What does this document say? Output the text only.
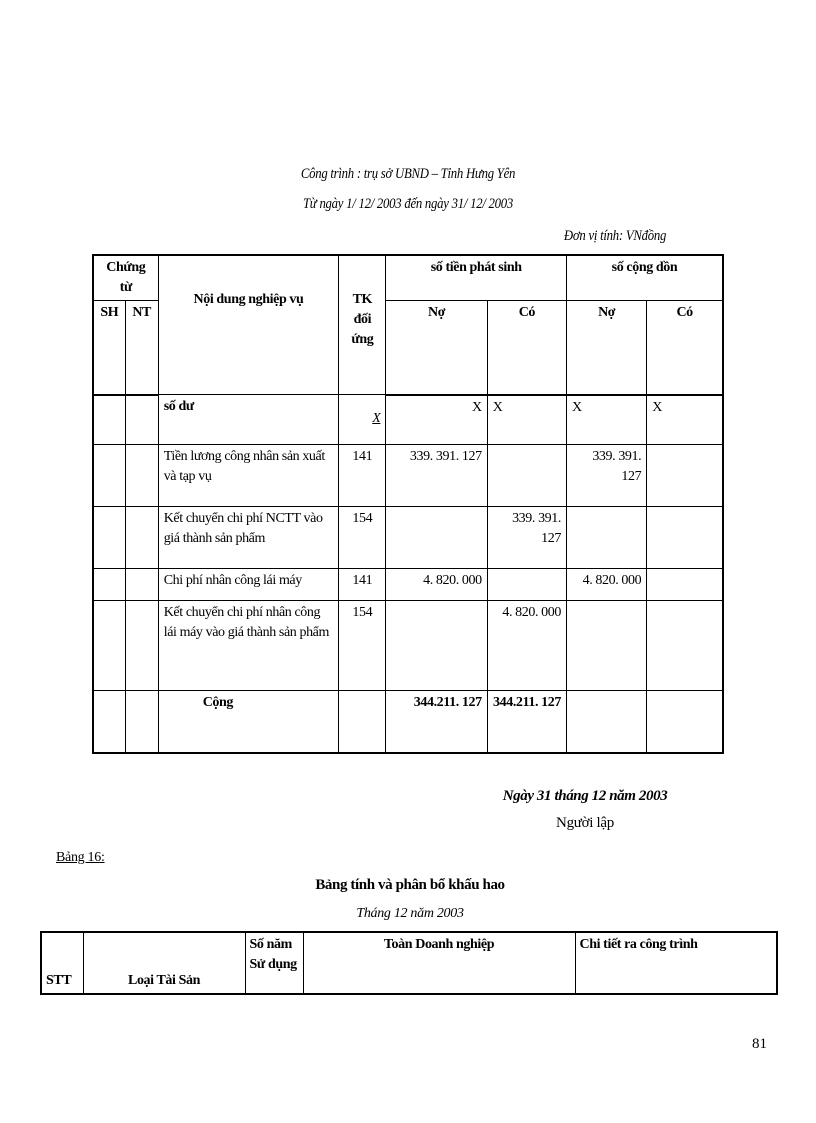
Công trình : trụ sở UBND – Tỉnh Hưng Yên
Từ ngày 1/ 12/ 2003 đến ngày 31/ 12/ 2003
Đơn vị tính: VNđồng
Chứng từ		Nội dung nghiệp vụ	TK
đối
ứng	số tiền phát sinh		số cộng dồn	
SH	NT			Nợ	Có	Nợ	Có
		số dư	X	X	X	X	X
		Tiền lương công nhân sản xuất và tạp vụ	141	339. 391. 127		339. 391. 127	
		Kết chuyển chi phí NCTT vào giá thành sản phẩm	154		339. 391. 127		
		Chi phí nhân công lái máy	141	4. 820. 000		4. 820. 000	
		Kết chuyển chi phí nhân công lái máy vào giá thành sản phẩm	154		4. 820. 000		
		Cộng		344.211. 127	344.211. 127		
Ngày 31 tháng 12 năm 2003
Người lập
Bảng 16:
Bảng tính và phân bổ khấu hao
Tháng 12 năm 2003
STT	Loại Tài Sản	Số năm
Sử dụng	Toàn Doanh nghiệp	Chi tiết ra công trình
81
